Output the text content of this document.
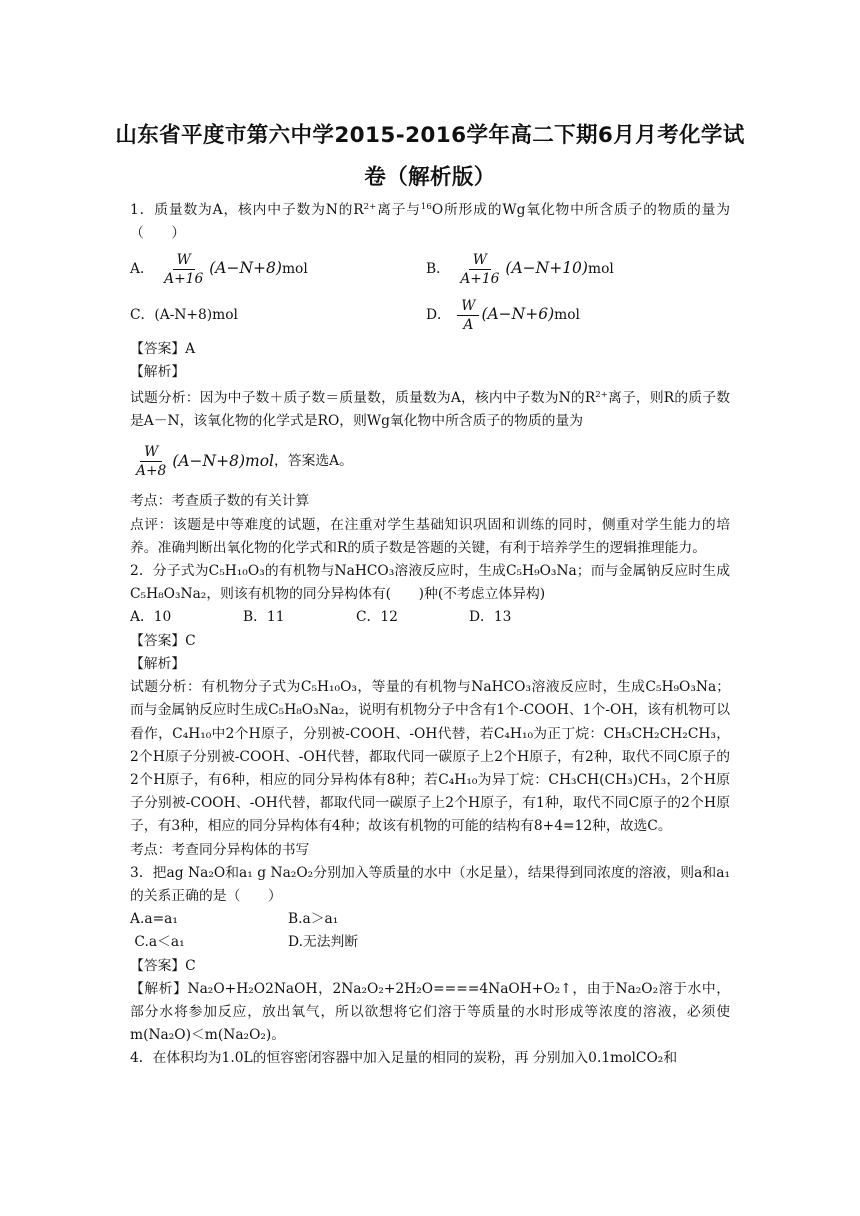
山东省平度市第六中学2015-2016学年高二下期6月月考化学试
卷（解析版）

1．质量数为A，核内中子数为N的$R^{2+}$离子与$^{16}$O所形成的Wg氧化物中所含质子的物质的量为 （　　）

A． $\frac{W}{A+16} (A-N+8)mol$	B． $\frac{W}{A+16} (A-N+10)mol$
C．(A-N+8)mol	D． $\frac{W}{A} (A-N+6)mol$

【答案】A

【解析】

试题分析：因为中子数＋质子数＝质量数，质量数为A，核内中子数为N的$R^{2+}$离子，则R的质子数是A－N，该氧化物的化学式是RO，则Wg氧化物中所含质子的物质的量为

$\frac{W}{A+8} (A-N+8)mol$ ，答案选A。

考点：考查质子数的有关计算

点评：该题是中等难度的试题，在注重对学生基础知识巩固和训练的同时，侧重对学生能力的培养。准确判断出氧化物的化学式和R的质子数是答题的关键，有利于培养学生的逻辑推理能力。

2．分子式为C₅H₁₀O₃的有机物与NaHCO₃溶液反应时，生成C₅H₉O₃Na；而与金属钠反应时生成C₅H₈O₃Na₂，则该有机物的同分异构体有(　　)种(不考虑立体异构)

A．10	B．11	C．12	D．13

【答案】C

【解析】

试题分析：有机物分子式为C₅H₁₀O₃，等量的有机物与NaHCO₃溶液反应时，生成C₅H₉O₃Na；而与金属钠反应时生成C₅H₈O₃Na₂，说明有机物分子中含有1个-COOH、1个-OH，该有机物可以看作，C₄H₁₀中2个H原子，分别被-COOH、-OH代替，若C₄H₁₀为正丁烷：CH₃CH₂CH₂CH₃，2个H原子分别被-COOH、-OH代替，都取代同一碳原子上2个H原子，有2种，取代不同C原子的2个H原子，有6种，相应的同分异构体有8种；若C₄H₁₀为异丁烷：CH₃CH(CH₃)CH₃，2个H原子分别被-COOH、-OH代替，都取代同一碳原子上2个H原子，有1种，取代不同C原子的2个H原子，有3种，相应的同分异构体有4种；故该有机物的可能的结构有8+4=12种，故选C。

考点：考查同分异构体的书写

3．把ag Na₂O和a₁ g Na₂O₂分别加入等质量的水中（水足量），结果得到同浓度的溶液，则a和a₁的关系正确的是（　　）

A.a=a₁	B.a＞a₁
C.a＜a₁	D.无法判断

【答案】C

【解析】Na₂O+H₂O2NaOH，2Na₂O₂+2H₂O====4NaOH+O₂↑，由于Na₂O₂溶于水中，部分水将参加反应，放出氧气，所以欲想将它们溶于等质量的水时形成等浓度的溶液，必须使m(Na₂O)＜m(Na₂O₂)。

4．在体积均为1.0L的恒容密闭容器中加入足量的相同的炭粉，再 分别加入0.1molCO₂和
